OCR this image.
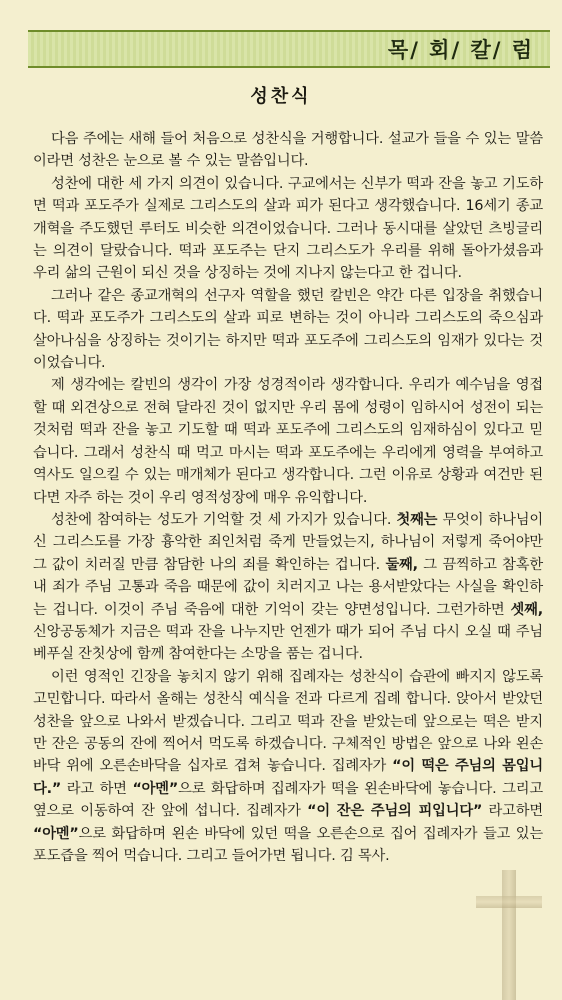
목/ 회/ 칼/ 럼
성찬식

다음 주에는 새해 들어 처음으로 성찬식을 거행합니다. 설교가 들을 수 있는 말씀이라면 성찬은 눈으로 볼 수 있는 말씀입니다.

성찬에 대한 세 가지 의견이 있습니다. 구교에서는 신부가 떡과 잔을 놓고 기도하면 떡과 포도주가 실제로 그리스도의 살과 피가 된다고 생각했습니다. 16세기 종교개혁을 주도했던 루터도 비슷한 의견이었습니다. 그러나 동시대를 살았던 츠빙글리는 의견이 달랐습니다. 떡과 포도주는 단지 그리스도가 우리를 위해 돌아가셨음과 우리 삶의 근원이 되신 것을 상징하는 것에 지나지 않는다고 한 겁니다.

그러나 같은 종교개혁의 선구자 역할을 했던 칼빈은 약간 다른 입장을 취했습니다. 떡과 포도주가 그리스도의 살과 피로 변하는 것이 아니라 그리스도의 죽으심과 살아나심을 상징하는 것이기는 하지만 떡과 포도주에 그리스도의 임재가 있다는 것이었습니다.

제 생각에는 칼빈의 생각이 가장 성경적이라 생각합니다. 우리가 예수님을 영접할 때 외견상으로 전혀 달라진 것이 없지만 우리 몸에 성령이 임하시어 성전이 되는 것처럼 떡과 잔을 놓고 기도할 때 떡과 포도주에 그리스도의 임재하심이 있다고 믿습니다. 그래서 성찬식 때 먹고 마시는 떡과 포도주에는 우리에게 영력을 부여하고 역사도 일으킬 수 있는 매개체가 된다고 생각합니다. 그런 이유로 상황과 여건만 된다면 자주 하는 것이 우리 영적성장에 매우 유익합니다.

성찬에 참여하는 성도가 기억할 것 세 가지가 있습니다. 첫째는 무엇이 하나님이신 그리스도를 가장 흉악한 죄인처럼 죽게 만들었는지, 하나님이 저렇게 죽어야만 그 값이 치러질 만큼 참담한 나의 죄를 확인하는 겁니다. 둘째, 그 끔찍하고 참혹한 내 죄가 주님 고통과 죽음 때문에 값이 치러지고 나는 용서받았다는 사실을 확인하는 겁니다. 이것이 주님 죽음에 대한 기억이 갖는 양면성입니다. 그런가하면 셋째, 신앙공동체가 지금은 떡과 잔을 나누지만 언젠가 때가 되어 주님 다시 오실 때 주님 베푸실 잔칫상에 함께 참여한다는 소망을 품는 겁니다.

이런 영적인 긴장을 놓치지 않기 위해 집례자는 성찬식이 습관에 빠지지 않도록 고민합니다. 따라서 올해는 성찬식 예식을 전과 다르게 집례 합니다. 앉아서 받았던 성찬을 앞으로 나와서 받겠습니다. 그리고 떡과 잔을 받았는데 앞으로는 떡은 받지만 잔은 공동의 잔에 찍어서 먹도록 하겠습니다. 구체적인 방법은 앞으로 나와 왼손바닥 위에 오른손바닥을 십자로 겹쳐 놓습니다. 집례자가 “이 떡은 주님의 몸입니다.” 라고 하면 “아멘”으로 화답하며 집례자가 떡을 왼손바닥에 놓습니다. 그리고 옆으로 이동하여 잔 앞에 섭니다. 집례자가 “이 잔은 주님의 피입니다” 라고하면 “아멘”으로 화답하며 왼손 바닥에 있던 떡을 오른손으로 집어 집례자가 들고 있는 포도즙을 찍어 먹습니다. 그리고 들어가면 됩니다. 김 목사.
